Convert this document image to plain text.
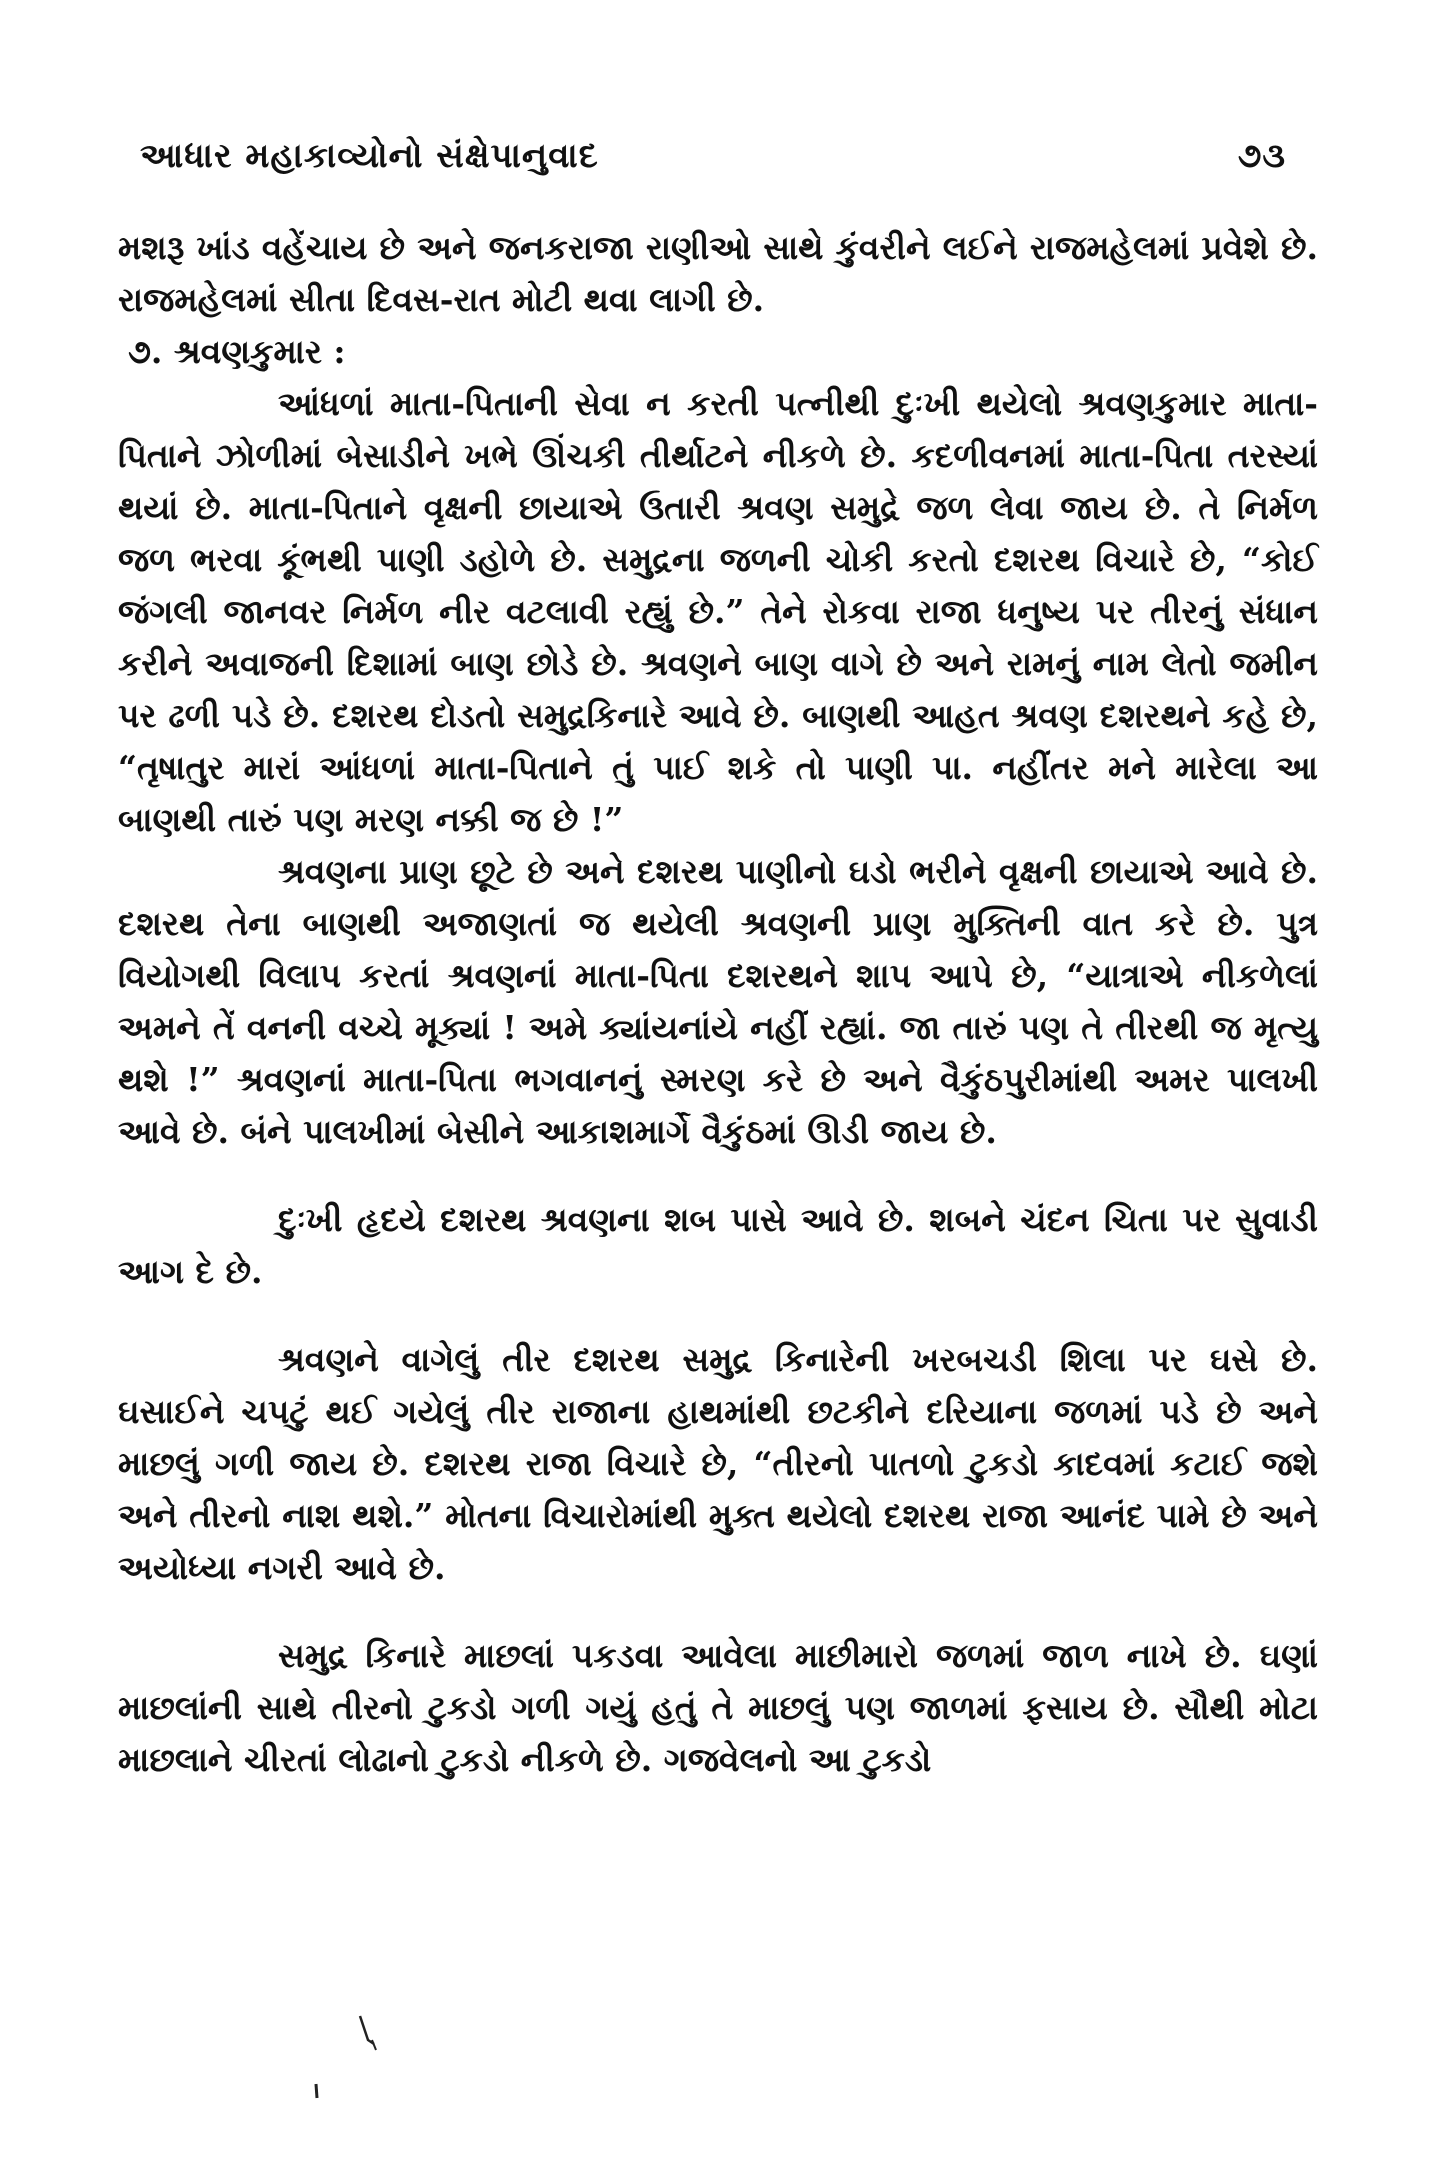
આધાર મહાકાવ્યોનો સંક્ષેપાનુવાદ	૭૩

મશરૂ ખાંડ વહેંચાય છે અને જનકરાજા રાણીઓ સાથે કુંવરીને લઈને રાજમહેલમાં પ્રવેશે છે. રાજમહેલમાં સીતા દિવસ-રાત મોટી થવા લાગી છે.

૭. શ્રવણકુમાર :

આંધળાં માતા-પિતાની સેવા ન કરતી પત્નીથી દુઃખી થયેલો શ્રવણકુમાર માતા-પિતાને ઝોળીમાં બેસાડીને ખભે ઊંચકી તીર્થાટને નીકળે છે. કદળીવનમાં માતા-પિતા તરસ્યાં થયાં છે. માતા-પિતાને વૃક્ષની છાયાએ ઉતારી શ્રવણ સમુદ્રે જળ લેવા જાય છે. તે નિર્મળ જળ ભરવા કૂંભથી પાણી ડહોળે છે. સમુદ્રના જળની ચોકી કરતો દશરથ વિચારે છે, “કોઈ જંગલી જાનવર નિર્મળ નીર વટલાવી રહ્યું છે.” તેને રોકવા રાજા ધનુષ્ય પર તીરનું સંધાન કરીને અવાજની દિશામાં બાણ છોડે છે. શ્રવણને બાણ વાગે છે અને રામનું નામ લેતો જમીન પર ઢળી પડે છે. દશરથ દોડતો સમુદ્રકિનારે આવે છે. બાણથી આહત શ્રવણ દશરથને કહે છે, “તૃષાતુર મારાં આંધળાં માતા-પિતાને તું પાઈ શકે તો પાણી પા. નહીંતર મને મારેલા આ બાણથી તારું પણ મરણ નક્કી જ છે !”

શ્રવણના પ્રાણ છૂટે છે અને દશરથ પાણીનો ઘડો ભરીને વૃક્ષની છાયાએ આવે છે. દશરથ તેના બાણથી અજાણતાં જ થયેલી શ્રવણની પ્રાણ મુક્તિની વાત કરે છે. પુત્ર વિયોગથી વિલાપ કરતાં શ્રવણનાં માતા-પિતા દશરથને શાપ આપે છે, “યાત્રાએ નીકળેલાં અમને તેં વનની વચ્ચે મૂક્યાં ! અમે ક્યાંયનાંયે નહીં રહ્યાં. જા તારું પણ તે તીરથી જ મૃત્યુ થશે !” શ્રવણનાં માતા-પિતા ભગવાનનું સ્મરણ કરે છે અને વૈકુંઠપુરીમાંથી અમર પાલખી આવે છે. બંને પાલખીમાં બેસીને આકાશમાર્ગે વૈકુંઠમાં ઊડી જાય છે.

દુઃખી હૃદયે દશરથ શ્રવણના શબ પાસે આવે છે. શબને ચંદન ચિતા પર સુવાડી આગ દે છે.

શ્રવણને વાગેલું તીર દશરથ સમુદ્ર કિનારેની ખરબચડી શિલા પર ઘસે છે. ઘસાઈને ચપટું થઈ ગયેલું તીર રાજાના હાથમાંથી છટકીને દરિયાના જળમાં પડે છે અને માછલું ગળી જાય છે. દશરથ રાજા વિચારે છે, “તીરનો પાતળો ટુકડો કાદવમાં કટાઈ જશે અને તીરનો નાશ થશે.” મોતના વિચારોમાંથી મુક્ત થયેલો દશરથ રાજા આનંદ પામે છે અને અયોધ્યા નગરી આવે છે.

સમુદ્ર કિનારે માછલાં પકડવા આવેલા માછીમારો જળમાં જાળ નાખે છે. ઘણાં માછલાંની સાથે તીરનો ટુકડો ગળી ગયું હતું તે માછલું પણ જાળમાં ફસાય છે. સૌથી મોટા માછલાને ચીરતાં લોઢાનો ટુકડો નીકળે છે. ગજવેલનો આ ટુકડો
